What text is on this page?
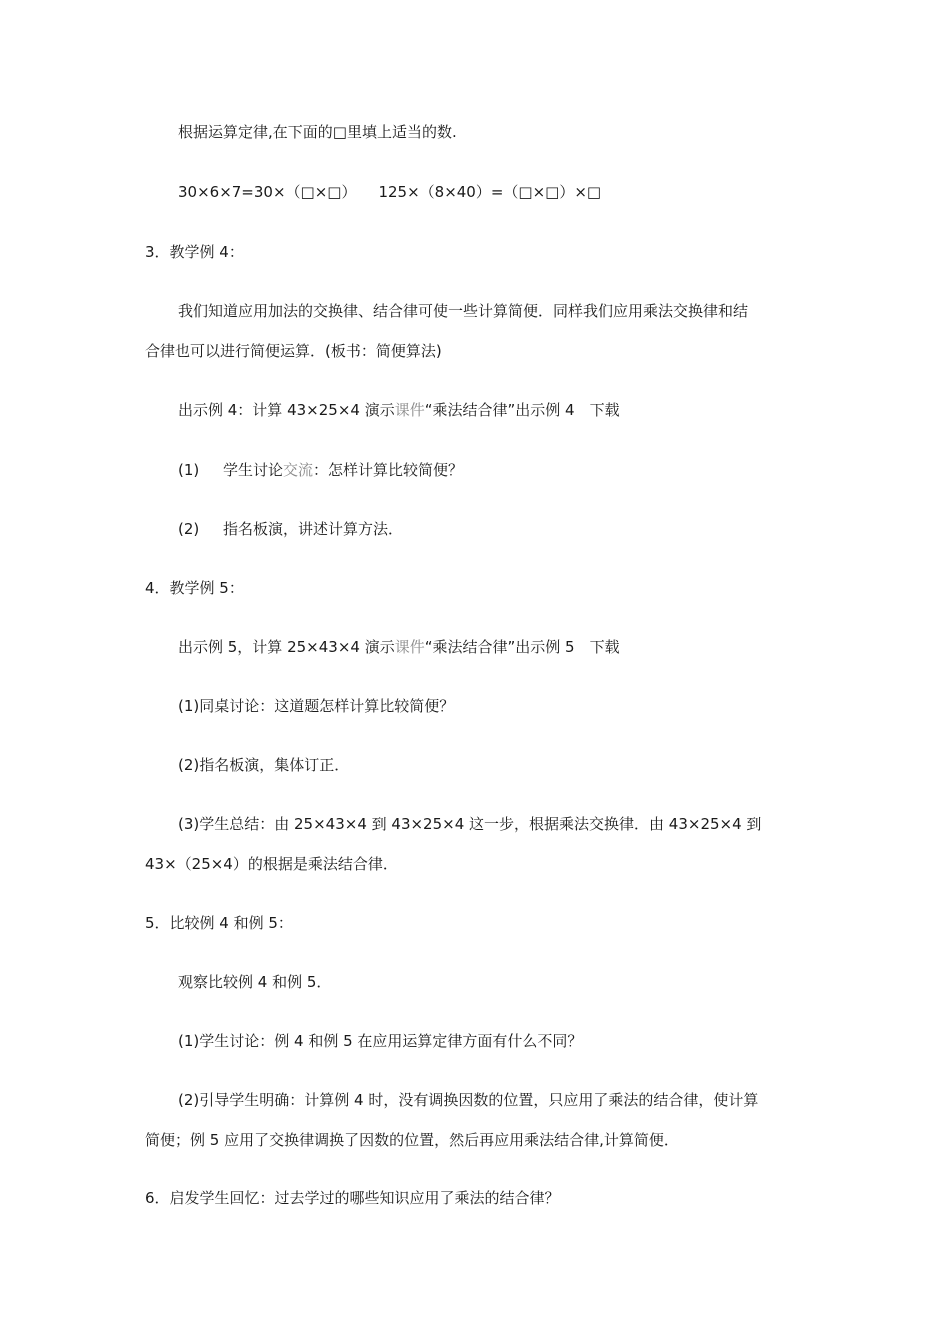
根据运算定律,在下面的□里填上适当的数.
30×6×7=30×（□×□） 125×（8×40）=（□×□）×□
3．教学例 4：
我们知道应用加法的交换律、结合律可使一些计算简便．同样我们应用乘法交换律和结
合律也可以进行简便运算．(板书：简便算法)
出示例 4：计算 43×25×4 演示课件“乘法结合律”出示例 4　下载
(1) 学生讨论交流：怎样计算比较简便？
(2) 指名板演，讲述计算方法．
4．教学例 5：
出示例 5，计算 25×43×4 演示课件“乘法结合律”出示例 5　下载
(1)同桌讨论：这道题怎样计算比较简便？
(2)指名板演，集体订正．
(3)学生总结：由 25×43×4 到 43×25×4 这一步，根据乘法交换律．由 43×25×4 到
43×（25×4）的根据是乘法结合律．
5．比较例 4 和例 5：
观察比较例 4 和例 5．
(1)学生讨论：例 4 和例 5 在应用运算定律方面有什么不同？
(2)引导学生明确：计算例 4 时，没有调换因数的位置，只应用了乘法的结合律，使计算
简便；例 5 应用了交换律调换了因数的位置，然后再应用乘法结合律,计算简便．
6．启发学生回忆：过去学过的哪些知识应用了乘法的结合律？
